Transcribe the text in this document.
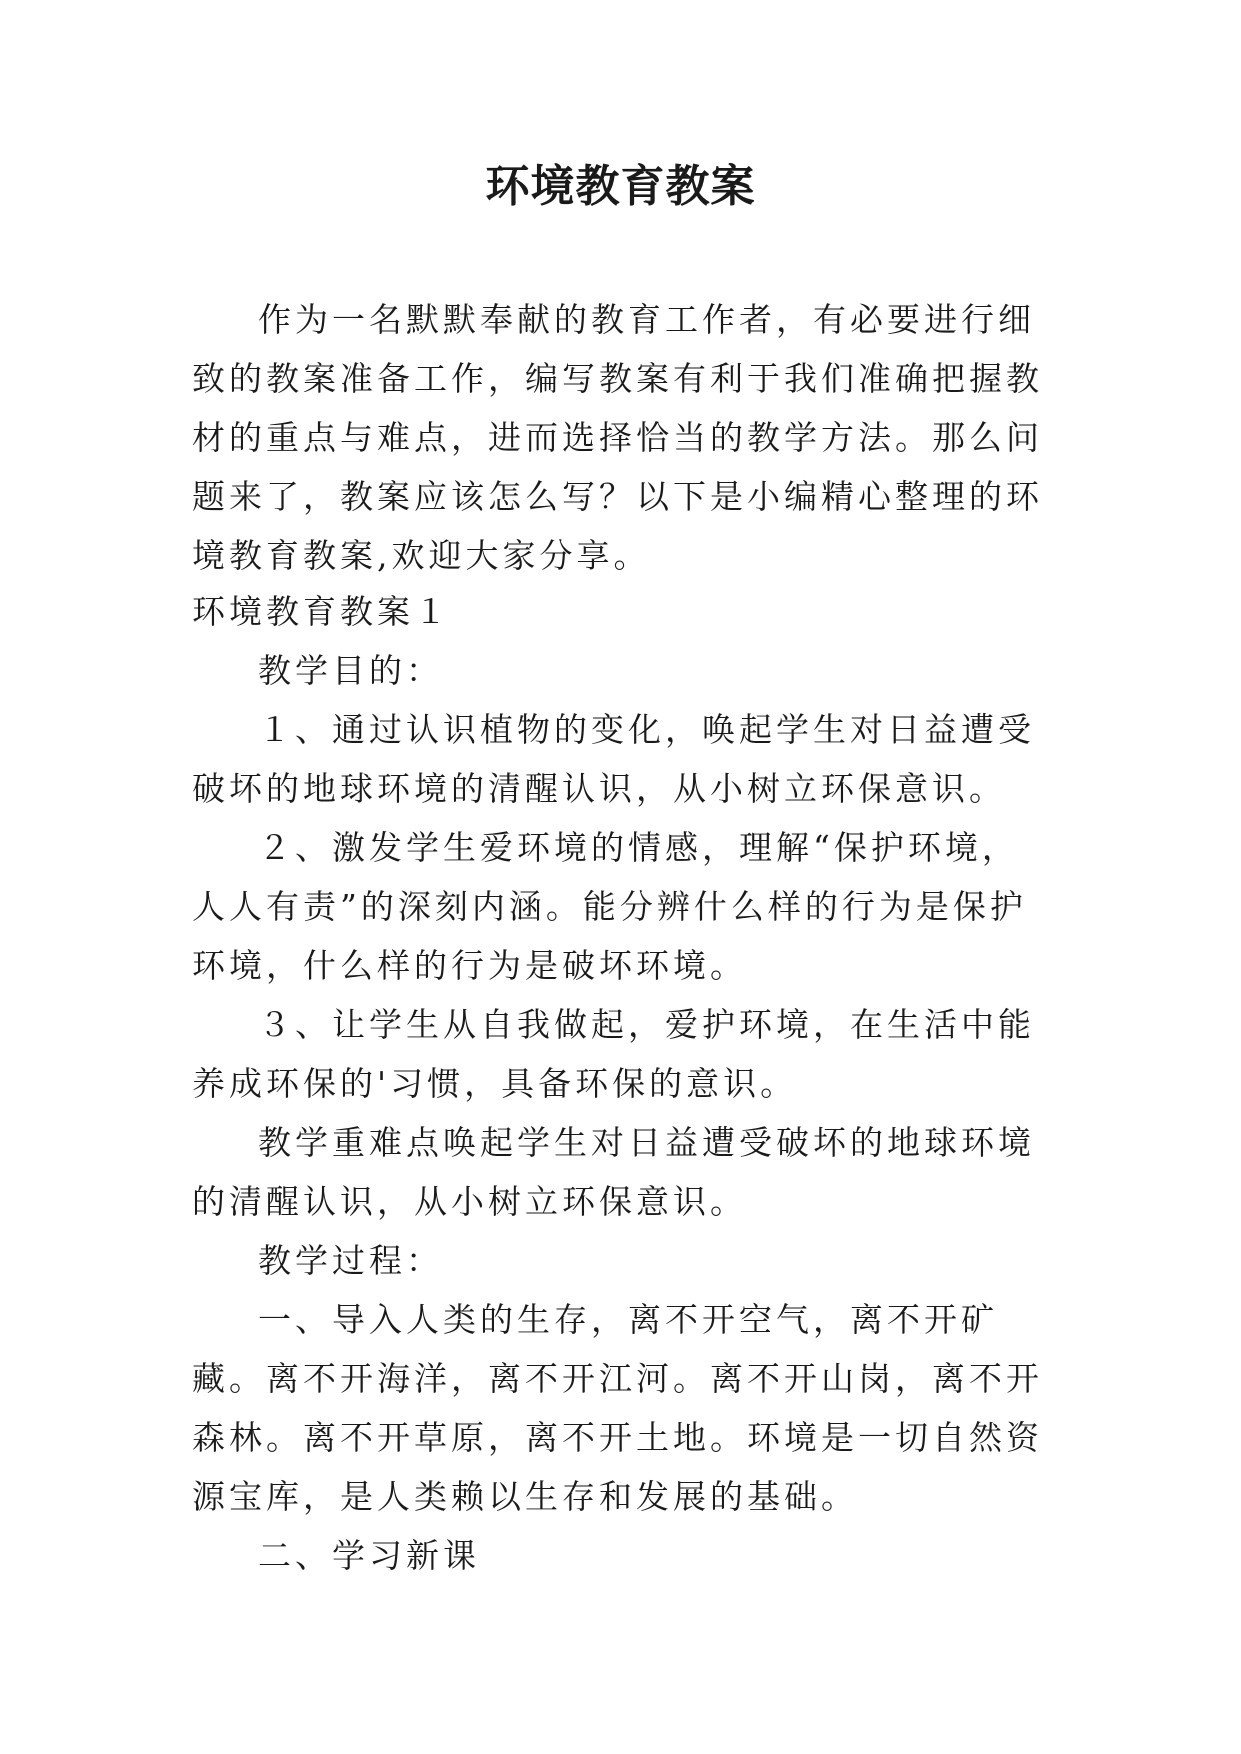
环境教育教案

作为一名默默奉献的教育工作者，有必要进行细致的教案准备工作，编写教案有利于我们准确把握教材的重点与难点，进而选择恰当的教学方法。那么问题来了，教案应该怎么写？以下是小编精心整理的环境教育教案,欢迎大家分享。

环境教育教案１

教学目的：

１、通过认识植物的变化，唤起学生对日益遭受破坏的地球环境的清醒认识，从小树立环保意识。

２、激发学生爱环境的情感，理解“保护环境，人人有责”的深刻内涵。能分辨什么样的行为是保护环境，什么样的行为是破坏环境。

３、让学生从自我做起，爱护环境，在生活中能养成环保的'习惯，具备环保的意识。

教学重难点唤起学生对日益遭受破坏的地球环境的清醒认识，从小树立环保意识。

教学过程：

一、导入人类的生存，离不开空气，离不开矿藏。离不开海洋，离不开江河。离不开山岗，离不开森林。离不开草原，离不开土地。环境是一切自然资源宝库，是人类赖以生存和发展的基础。

二、学习新课
